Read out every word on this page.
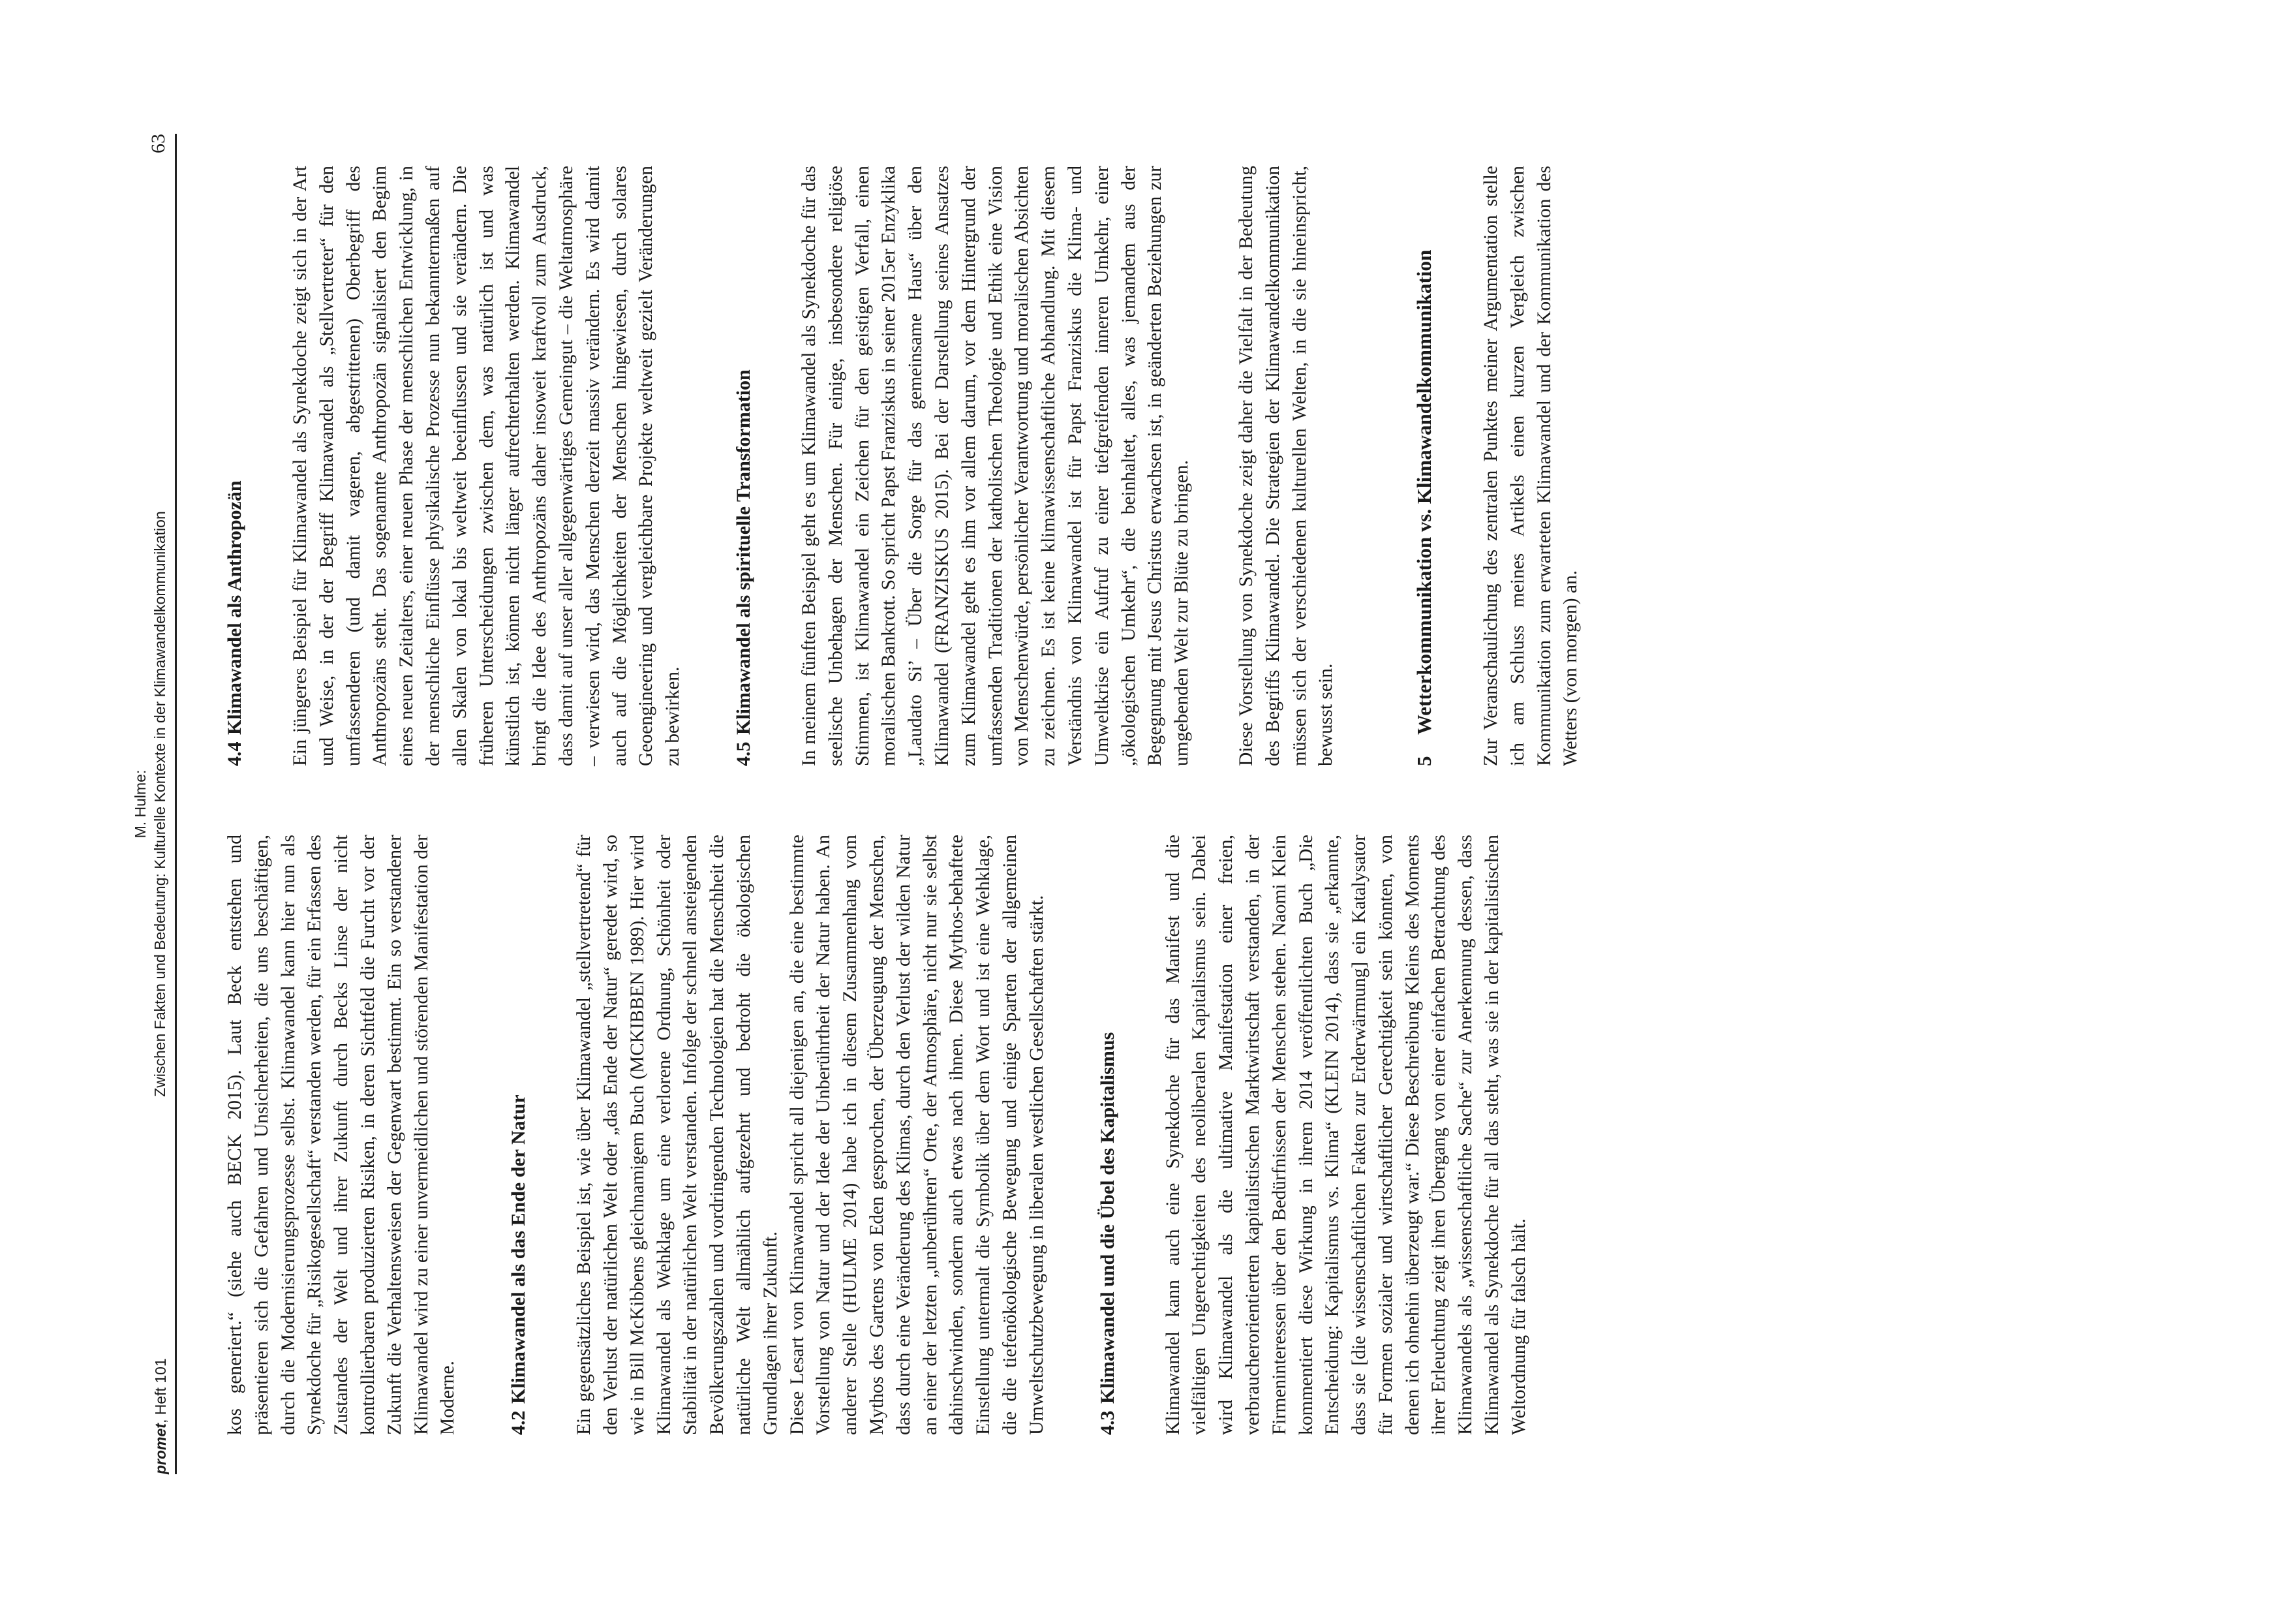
promet, Heft 101
M. Hulme: Zwischen Fakten und Bedeutung: Kulturelle Kontexte in der Klimawandelkommunikation
63

kos generiert.“ (siehe auch BECK 2015). Laut Beck entstehen und präsentieren sich die Gefahren und Unsicherheiten, die uns beschäftigen, durch die Modernisierungsprozesse selbst. Klimawandel kann hier nun als Synekdoche für „Risikogesellschaft“ verstanden werden, für ein Erfassen des Zustandes der Welt und ihrer Zukunft durch Becks Linse der nicht kontrollierbaren produzierten Risiken, in deren Sichtfeld die Furcht vor der Zukunft die Verhaltensweisen der Gegenwart bestimmt. Ein so verstandener Klimawandel wird zu einer unvermeidlichen und störenden Manifestation der Moderne.	4.2Klimawandel als das Ende der Natur Ein gegensätzliches Beispiel ist, wie über Klimawandel „stellvertretend“ für den Verlust der natürlichen Welt oder „das Ende der Natur“ geredet wird, so wie in Bill McKibbens gleichnamigem Buch (MCKIBBEN 1989). Hier wird Klimawandel als Wehklage um eine verlorene Ordnung, Schönheit oder Stabilität in der natürlichen Welt verstanden. Infolge der schnell ansteigenden Bevölkerungszahlen und vordringenden Technologien hat die Menschheit die natürliche Welt allmählich aufgezehrt und bedroht die ökologischen Grundlagen ihrer Zukunft. Diese Lesart von Klimawandel spricht all diejenigen an, die eine bestimmte Vorstellung von Natur und der Idee der Unberührtheit der Natur haben. An anderer Stelle (HULME 2014) habe ich in diesem Zusammenhang vom Mythos des Gartens von Eden gesprochen, der Überzeugung der Menschen, dass durch eine Veränderung des Klimas, durch den Verlust der wilden Natur an einer der letzten „unberührten“ Orte, der Atmosphäre, nicht nur sie selbst dahinschwinden, sondern auch etwas nach ihnen. Diese Mythos-behaftete Einstellung untermalt die Symbolik über dem Wort und ist eine Wehklage, die die tiefenökologische Bewegung und einige Sparten der allgemeinen Umweltschutzbewegung in liberalen westlichen Gesellschaften stärkt.	4.3Klimawandel und die Übel des Kapitalismus Klimawandel kann auch eine Synekdoche für das Manifest und die vielfältigen Ungerechtigkeiten des neoliberalen Kapitalismus sein. Dabei wird Klimawandel als die ultimative Manifestation einer freien, verbraucherorientierten kapitalistischen Marktwirtschaft verstanden, in der Firmeninteressen über den Bedürfnissen der Menschen stehen. Naomi Klein kommentiert diese Wirkung in ihrem 2014 veröffentlichten Buch „Die Entscheidung: Kapitalismus vs. Klima“ (KLEIN 2014), dass sie „erkannte, dass sie [die wissenschaftlichen Fakten zur Erderwärmung] ein Katalysator für Formen sozialer und wirtschaftlicher Gerechtigkeit sein könnten, von denen ich ohnehin überzeugt war.“ Diese Beschreibung Kleins des Moments ihrer Erleuchtung zeigt ihren Übergang von einer einfachen Betrachtung des Klimawandels als „wissenschaftliche Sache“ zur Anerkennung dessen, dass Klimawandel als Synekdoche für all das steht, was sie in der kapitalistischen Weltordnung für falsch hält.

4.4Klimawandel als Anthropozän Ein jüngeres Beispiel für Klimawandel als Synekdoche zeigt sich in der Art und Weise, in der der Begriff Klimawandel als „Stellvertreter“ für den umfassenderen (und damit vageren, abgestrittenen) Oberbegriff des Anthropozäns steht. Das sogenannte Anthropozän signalisiert den Beginn eines neuen Zeitalters, einer neuen Phase der menschlichen Entwicklung, in der menschliche Einflüsse physikalische Prozesse nun bekanntermaßen auf allen Skalen von lokal bis weltweit beeinflussen und sie verändern. Die früheren Unterscheidungen zwischen dem, was natürlich ist und was künstlich ist, können nicht länger aufrechterhalten werden. Klimawandel bringt die Idee des Anthropozäns daher insoweit kraftvoll zum Ausdruck, dass damit auf unser aller allgegenwärtiges Gemeingut – die Weltatmosphäre – verwiesen wird, das Menschen derzeit massiv verändern. Es wird damit auch auf die Möglichkeiten der Menschen hingewiesen, durch solares Geoengineering und vergleichbare Projekte weltweit gezielt Veränderungen zu bewirken.	4.5Klimawandel als spirituelle Transformation In meinem fünften Beispiel geht es um Klimawandel als Synekdoche für das seelische Unbehagen der Menschen. Für einige, insbesondere religiöse Stimmen, ist Klimawandel ein Zeichen für den geistigen Verfall, einen moralischen Bankrott. So spricht Papst Franziskus in seiner 2015er Enzyklika „Laudato Si’ – Über die Sorge für das gemeinsame Haus“ über den Klimawandel (FRANZISKUS 2015). Bei der Darstellung seines Ansatzes zum Klimawandel geht es ihm vor allem darum, vor dem Hintergrund der umfassenden Traditionen der katholischen Theologie und Ethik eine Vision von Menschenwürde, persönlicher Verantwortung und moralischen Absichten zu zeichnen. Es ist keine klimawissenschaftliche Abhandlung. Mit diesem Verständnis von Klimawandel ist für Papst Franziskus die Klima- und Umweltkrise ein Aufruf zu einer tiefgreifenden inneren Umkehr, einer „ökologischen Umkehr“, die beinhaltet, alles, was jemandem aus der Begegnung mit Jesus Christus erwachsen ist, in geänderten Beziehungen zur umgebenden Welt zur Blüte zu bringen. Diese Vorstellung von Synekdoche zeigt daher die Vielfalt in der Bedeutung des Begriffs Klimawandel. Die Strategien der Klimawandelkommunikation müssen sich der verschiedenen kulturellen Welten, in die sie hineinspricht, bewusst sein.	5Wetterkommunikation vs. Klimawandelkommunikation Zur Veranschaulichung des zentralen Punktes meiner Argumentation stelle ich am Schluss meines Artikels einen kurzen Vergleich zwischen Kommunikation zum erwarteten Klimawandel und der Kommunikation des Wetters (von morgen) an.
